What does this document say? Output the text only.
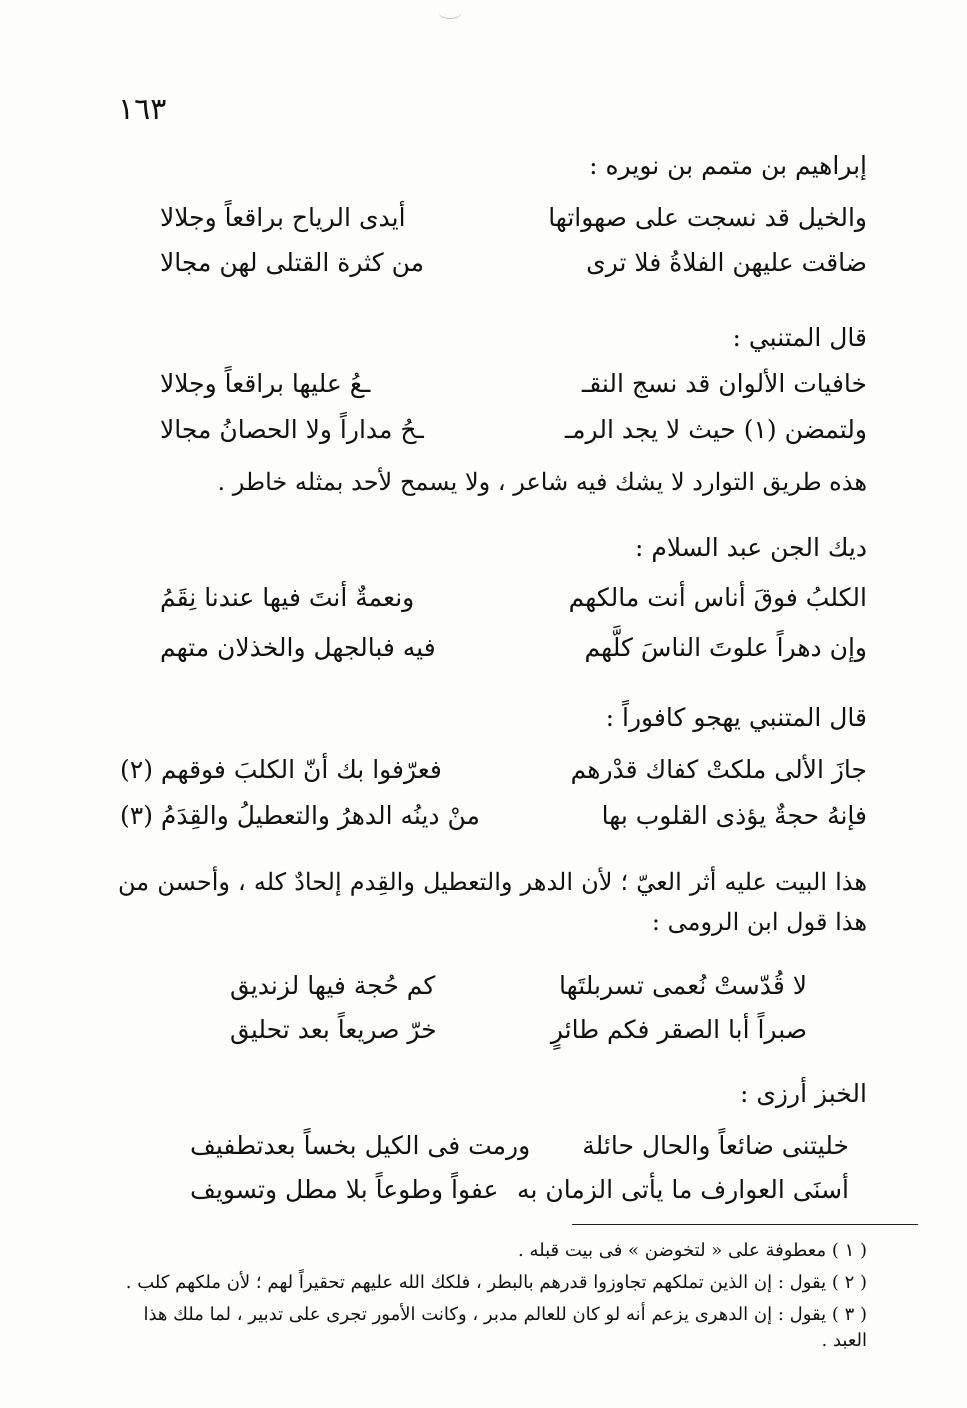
١٦٣
إبراهيم بن متمم بن نويره :
والخيل قد نسجت على صهواتها
أيدى الرياح براقعاً وجلالا
ضاقت عليهن الفلاةُ فلا ترى
من كثرة القتلى لهن مجالا
قال المتنبي :
خافيات الألوان قد نسج النقـ
ـعُ عليها براقعاً وجلالا
ولتمضن (١) حيث لا يجد الرمـ
ـحُ مداراً ولا الحصانُ مجالا
هذه طريق التوارد لا يشك فيه شاعر ، ولا يسمح لأحد بمثله خاطر .
ديك الجن عبد السلام :
الكلبُ فوقَ أناس أنت مالكهم
ونعمةٌ أنتَ فيها عندنا نِقَمُ
وإن دهراً علوتَ الناسَ كلَّهم
فيه فبالجهل والخذلان متهم
قال المتنبي يهجو كافوراً :
جازَ الألى ملكتْ كفاك قدْرهم
فعرّفوا بك أنّ الكلبَ فوقهم (٢)
فإنهُ حجةٌ يؤذى القلوب بها
منْ دينُه الدهرُ والتعطيلُ والقِدَمُ (٣)
هذا البيت عليه أثر العيّ ؛ لأن الدهر والتعطيل والقِدم إلحادٌ كله ، وأحسن من هذا قول ابن الرومى :
لا قُدّستْ نُعمى تسربلتَها
كم حُجة فيها لزنديق
صبراً أبا الصقر فكم طائرٍ
خرّ صريعاً بعد تحليق
الخبز أرزى :
خليتنى ضائعاً والحال حائلة
ورمت فى الكيل بخساً بعدتطفيف
أسنَى العوارف ما يأتى الزمان به
عفواً وطوعاً بلا مطل وتسويف
( ١ ) معطوفة على « لتخوضن » فى بيت قبله .
( ٢ ) يقول : إن الذين تملكهم تجاوزوا قدرهم بالبطر ، فلكك الله عليهم تحقيراً لهم ؛ لأن ملكهم كلب .
( ٣ ) يقول : إن الدهرى يزعم أنه لو كان للعالم مدبر ، وكانت الأمور تجرى على تدبير ، لما ملك هذا العبد .
